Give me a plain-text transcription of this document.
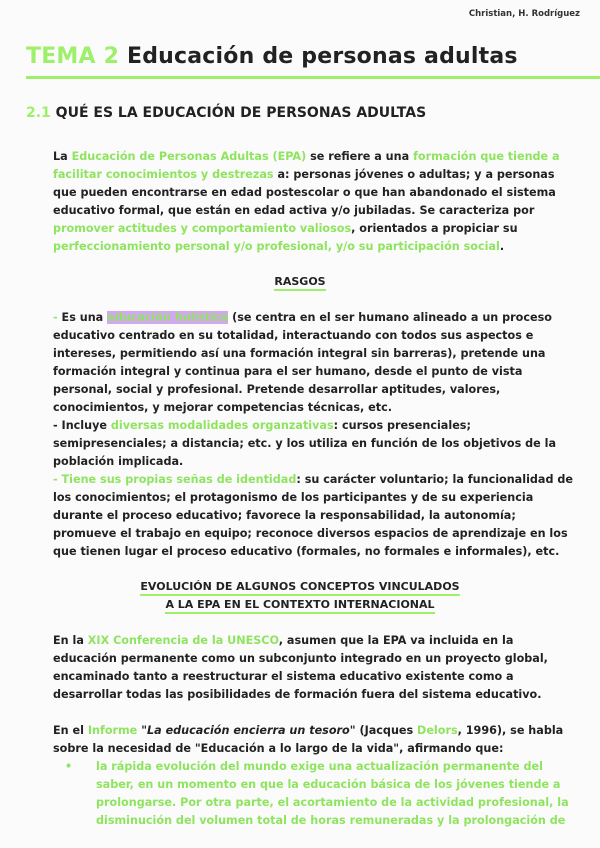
Christian, H. Rodríguez
TEMA 2 Educación de personas adultas
2.1 QUÉ ES LA EDUCACIÓN DE PERSONAS ADULTAS
La Educación de Personas Adultas (EPA) se refiere a una formación que tiende a facilitar conocimientos y destrezas a: personas jóvenes o adultas; y a personas que pueden encontrarse en edad postescolar o que han abandonado el sistema educativo formal, que están en edad activa y/o jubiladas. Se caracteriza por promover actitudes y comportamiento valiosos, orientados a propiciar su perfeccionamiento personal y/o profesional, y/o su participación social.
RASGOS
- Es una educación holística (se centra en el ser humano alineado a un proceso educativo centrado en su totalidad, interactuando con todos sus aspectos e intereses, permitiendo así una formación integral sin barreras), pretende una formación integral y continua para el ser humano, desde el punto de vista personal, social y profesional. Pretende desarrollar aptitudes, valores, conocimientos, y mejorar competencias técnicas, etc.
- Incluye diversas modalidades organzativas: cursos presenciales; semipresenciales; a distancia; etc. y los utiliza en función de los objetivos de la población implicada.
- Tiene sus propias señas de identidad: su carácter voluntario; la funcionalidad de los conocimientos; el protagonismo de los participantes y de su experiencia durante el proceso educativo; favorece la responsabilidad, la autonomía; promueve el trabajo en equipo; reconoce diversos espacios de aprendizaje en los que tienen lugar el proceso educativo (formales, no formales e informales), etc.
EVOLUCIÓN DE ALGUNOS CONCEPTOS VINCULADOS
A LA EPA EN EL CONTEXTO INTERNACIONAL
En la XIX Conferencia de la UNESCO, asumen que la EPA va incluida en la educación permanente como un subconjunto integrado en un proyecto global, encaminado tanto a reestructurar el sistema educativo existente como a desarrollar todas las posibilidades de formación fuera del sistema educativo.
En el Informe "La educación encierra un tesoro" (Jacques Delors, 1996), se habla sobre la necesidad de "Educación a lo largo de la vida", afirmando que:
• la rápida evolución del mundo exige una actualización permanente del saber, en un momento en que la educación básica de los jóvenes tiende a prolongarse. Por otra parte, el acortamiento de la actividad profesional, la disminución del volumen total de horas remuneradas y la prolongación de
